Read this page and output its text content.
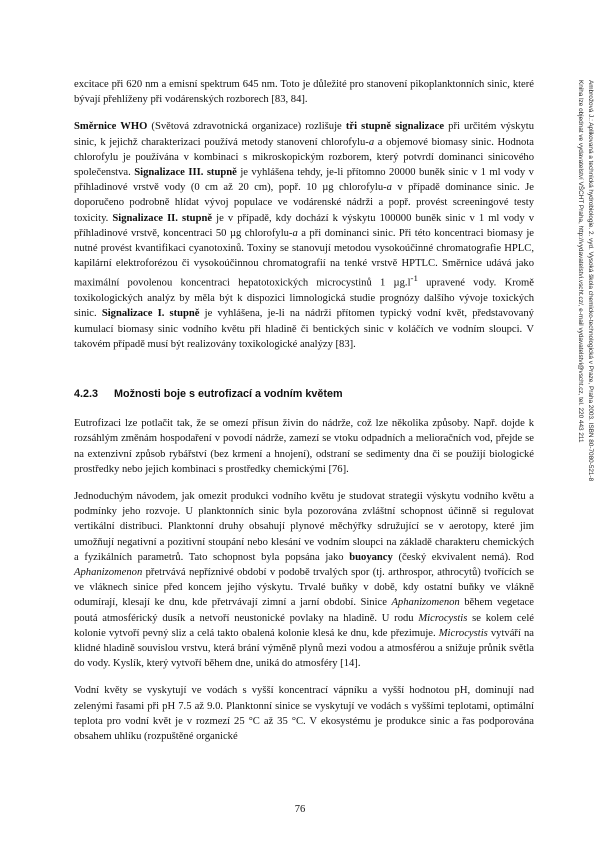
excitace při 620 nm a emisní spektrum 645 nm. Toto je důležité pro stanovení pikoplanktonních sinic, které bývají přehlíženy při vodárenských rozborech [83, 84].

Směrnice WHO (Světová zdravotnická organizace) rozlišuje tři stupně signalizace při určitém výskytu sinic, k jejichž charakterizaci používá metody stanovení chlorofylu-a a objemové biomasy sinic. Hodnota chlorofylu je používána v kombinaci s mikroskopickým rozborem, který potvrdí dominanci sinicového společenstva. Signalizace III. stupně je vyhlášena tehdy, je-li přítomno 20000 buněk sinic v 1 ml vody v příhladinové vrstvě vody (0 cm až 20 cm), popř. 10 µg chlorofylu-a v případě dominance sinic. Je doporučeno podrobně hlídat vývoj populace ve vodárenské nádrži a popř. provést screeningové testy toxicity. Signalizace II. stupně je v případě, kdy dochází k výskytu 100000 buněk sinic v 1 ml vody v příhladinové vrstvě, koncentraci 50 µg chlorofylu-a a při dominanci sinic. Při této koncentraci biomasy je nutné provést kvantifikaci cyanotoxinů. Toxiny se stanovují metodou vysokoúčinné chromatografie HPLC, kapilární elektroforézou či vysokoúčinnou chromatografií na tenké vrstvě HPTLC. Směrnice udává jako maximální povolenou koncentraci hepatotoxických microcystinů 1 $\mu g.l^{-1}$ upravené vody. Kromě toxikologických analýz by měla být k dispozici limnologická studie prognózy dalšího vývoje toxických sinic. Signalizace I. stupně je vyhlášena, je-li na nádrži přítomen typický vodní květ, představovaný kumulací biomasy sinic vodního květu při hladině či bentických sinic v koláčích ve vodním sloupci. V takovém případě musí být realizovány toxikologické analýzy [83].

4.2.3 Možnosti boje s eutrofizací a vodním květem

Eutrofizaci lze potlačit tak, že se omezí přísun živin do nádrže, což lze několika způsoby. Např. dojde k rozsáhlým změnám hospodaření v povodí nádrže, zamezí se vtoku odpadních a melioračních vod, přejde se na extenzivní způsob rybářství (bez krmení a hnojení), odstraní se sedimenty dna či se použijí biologické prostředky nebo jejich kombinaci s prostředky chemickými [76].

Jednoduchým návodem, jak omezit produkci vodního květu je studovat strategii výskytu vodního květu a podmínky jeho rozvoje. U planktonních sinic byla pozorována zvláštní schopnost účinně si regulovat vertikální distribuci. Planktonní druhy obsahují plynové měchýřky sdružující se v aerotopy, které jim umožňují negativní a pozitivní stoupání nebo klesání ve vodním sloupci na základě charakteru chemických a fyzikálních parametrů. Tato schopnost byla popsána jako buoyancy (český ekvivalent nemá). Rod Aphanizomenon přetrvává nepříznivé období v podobě trvalých spor (tj. arthrospor, athrocytů) tvořících se ve vláknech sinice před koncem jejího výskytu. Trvalé buňky v době, kdy ostatní buňky ve vlákně odumírají, klesají ke dnu, kde přetrvávají zimní a jarní období. Sinice Aphanizomenon během vegetace poutá atmosférický dusík a netvoří neustonické povlaky na hladině. U rodu Microcystis se kolem celé kolonie vytvoří pevný sliz a celá takto obalená kolonie klesá ke dnu, kde přezimuje. Microcystis vytváří na klidné hladině souvislou vrstvu, která brání výměně plynů mezi vodou a atmosférou a snižuje průnik světla do vody. Kyslík, který vytvoří během dne, uniká do atmosféry [14].

Vodní květy se vyskytují ve vodách s vyšší koncentrací vápníku a vyšší hodnotou pH, dominují nad zelenými řasami při pH 7.5 až 9.0. Planktonní sinice se vyskytují ve vodách s vyššími teplotami, optimální teplota pro vodní květ je v rozmezí 25 °C až 35 °C. V ekosystému je produkce sinic a řas podporována obsahem uhlíku (rozpuštěné organické

76
Ambrožová J.: Aplikovaná a technická hydrobiologie. 2. vyd. Vysoká škola chemicko-technologická v Praze, Praha 2003. ISBN 80-7080-521-8
Kniha lze objednat ve vydavatelství VŠCHT Praha, http://vydavatelstvi.vscht.cz/, e-mail vydavatelstvi@vscht.cz, tel. 220 443 211
